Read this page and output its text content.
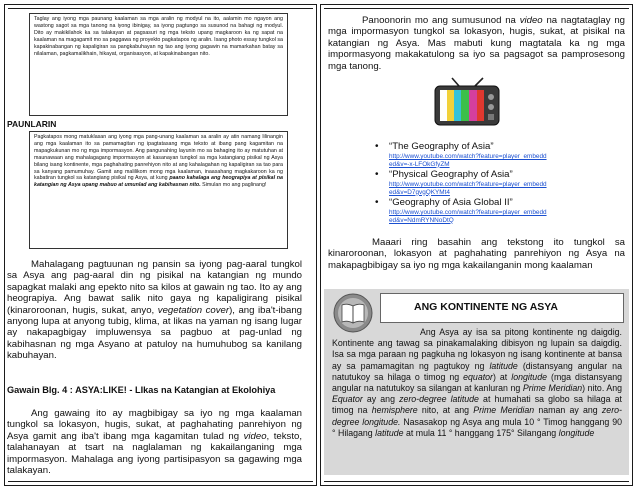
Taglay ang iyong mga paunang kaalaman sa mga aralin ng modyul na ito, aalamin mo ngayon ang wastong sagot sa mga tanong na iyong ibinigay, sa iyong pagtungo sa susunod na bahagi ng modyul. Dito ay makikilahok ka sa talakayan at pagsasuri ng mga teksto upang magkaroon ka ng sapat na kaalaman na magagamit mo sa paggawa ng proyekto pagkatapos ng aralin. Isang photo essay tungkol sa kapakinabangan ng kapaligiran sa pangkabuhayan ng tao ang iyong gagawin na mamarkahan batay sa nilalaman, pagkamalikhain, hikayat, organisasyon, at kapakinabangan nito.
PAUNLARIN
Pagkatapos mong matuklasan ang iyong mga pang-unang kaalaman sa aralin ay atin namang lilinangin ang mga kaalaman ito sa pamamagitan ng ipagtatasang mga teksto at ibang pang kagamitan na mapagkukunan mo ng mga impormasyon. Ang pangunahing layunin mo sa bahaging ito ay matutuhan at maunawaan ang mahalagagang impormasyon at kasanayan tungkol sa mga katangiang pisikal ng Asya bilang isang kontinente, mga paghahating panrehiyon nito at ang kahalagahan ng kapaligiran sa tao para sa kanyang pamumuhay. Gamit ang malilikom mong mga kaalaman, inaasahang magkakaroon ka ng kabatiran tungkol sa katangiang pisikal ng Asya, at kung paano kahalaga ang heograpiya at pisikal na katangian ng Asya upang mabuo at umunlad ang kabihasnan nito. Simulan mo ang paglinang!
Mahalagang pagtuunan ng pansin sa iyong pag-aaral tungkol sa Asya ang pag-aaral din ng pisikal na katangian ng mundo sapagkat malaki ang epekto nito sa kilos at gawain ng tao. Ito ay ang heograpiya. Ang bawat salik nito gaya ng kapaligirang pisikal (kinaroroonan, hugis, sukat, anyo, vegetation cover), ang iba't-ibang anyong lupa at anyong tubig, klima, at likas na yaman ng isang lugar ay nakapagbigay impluwensya sa pagbuo at pag-unlad ng kabihasnan ng mga Asyano at patuloy na humuhubog sa kanilang kabuhayan.
Gawain Blg. 4 : ASYA:LIKE! - LIkas na Katangian at Ekolohiya
Ang gawaing ito ay magbibigay sa iyo ng mga kaalaman tungkol sa lokasyon, hugis, sukat, at paghahating panrehiyon ng Asya gamit ang iba't ibang mga kagamitan tulad ng video, teksto, talahanayan at tsart na naglalaman ng kakailanganing mga impormasyon. Mahalaga ang iyong partisipasyon sa gagawing mga talakayan.
Panoonorin mo ang sumusunod na video na nagtataglay ng mga impormasyon tungkol sa lokasyon, hugis, sukat, at pisikal na katangian ng Asya. Mas mabuti kung magtatala ka ng mga impormasyong makakatulong sa iyo sa pagsagot sa pamprosesong mga tanong.
• “The Geography of Asia”
http://www.youtube.com/watch?feature=player_embedd
ed&v=-x-LFOkGfyZM
• “Physical Geography of Asia”
http://www.youtube.com/watch?feature=player_embedd
ed&v=D7gvgQKYMt4
• “Geography of Asia Global II”
http://www.youtube.com/watch?feature=player_embedd
ed&v=NdmRYNNoDtQ
Maaari ring basahin ang tekstong ito tungkol sa kinaroroonan, lokasyon at paghahating panrehiyon ng Asya na makapagbibigay sa iyo ng mga kakailanganin mong kaalaman
ANG KONTINENTE NG ASYA
Ang Asya ay isa sa pitong kontinente ng daigdig. Kontinente ang tawag sa pinakamalaking dibisyon ng lupain sa daigdig. Isa sa mga paraan ng pagkuha ng lokasyon ng isang kontinente at bansa ay sa pamamagitan ng pagtukoy ng latitude (distansyang angular na natutukoy sa hilaga o timog ng equator) at longitude (mga distansyang angular na natutukoy sa silangan at kanluran ng Prime Meridian) nito. Ang Equator ay ang zero-degree latitude at humahati sa globo sa hilaga at timog na hemisphere nito, at ang Prime Meridian naman ay ang zero-degree longitude. Nasasakop ng Asya ang mula 10 ° Timog hanggang 90 ° Hilagang latitude at mula 11 ° hanggang 175° Silangang longitude
